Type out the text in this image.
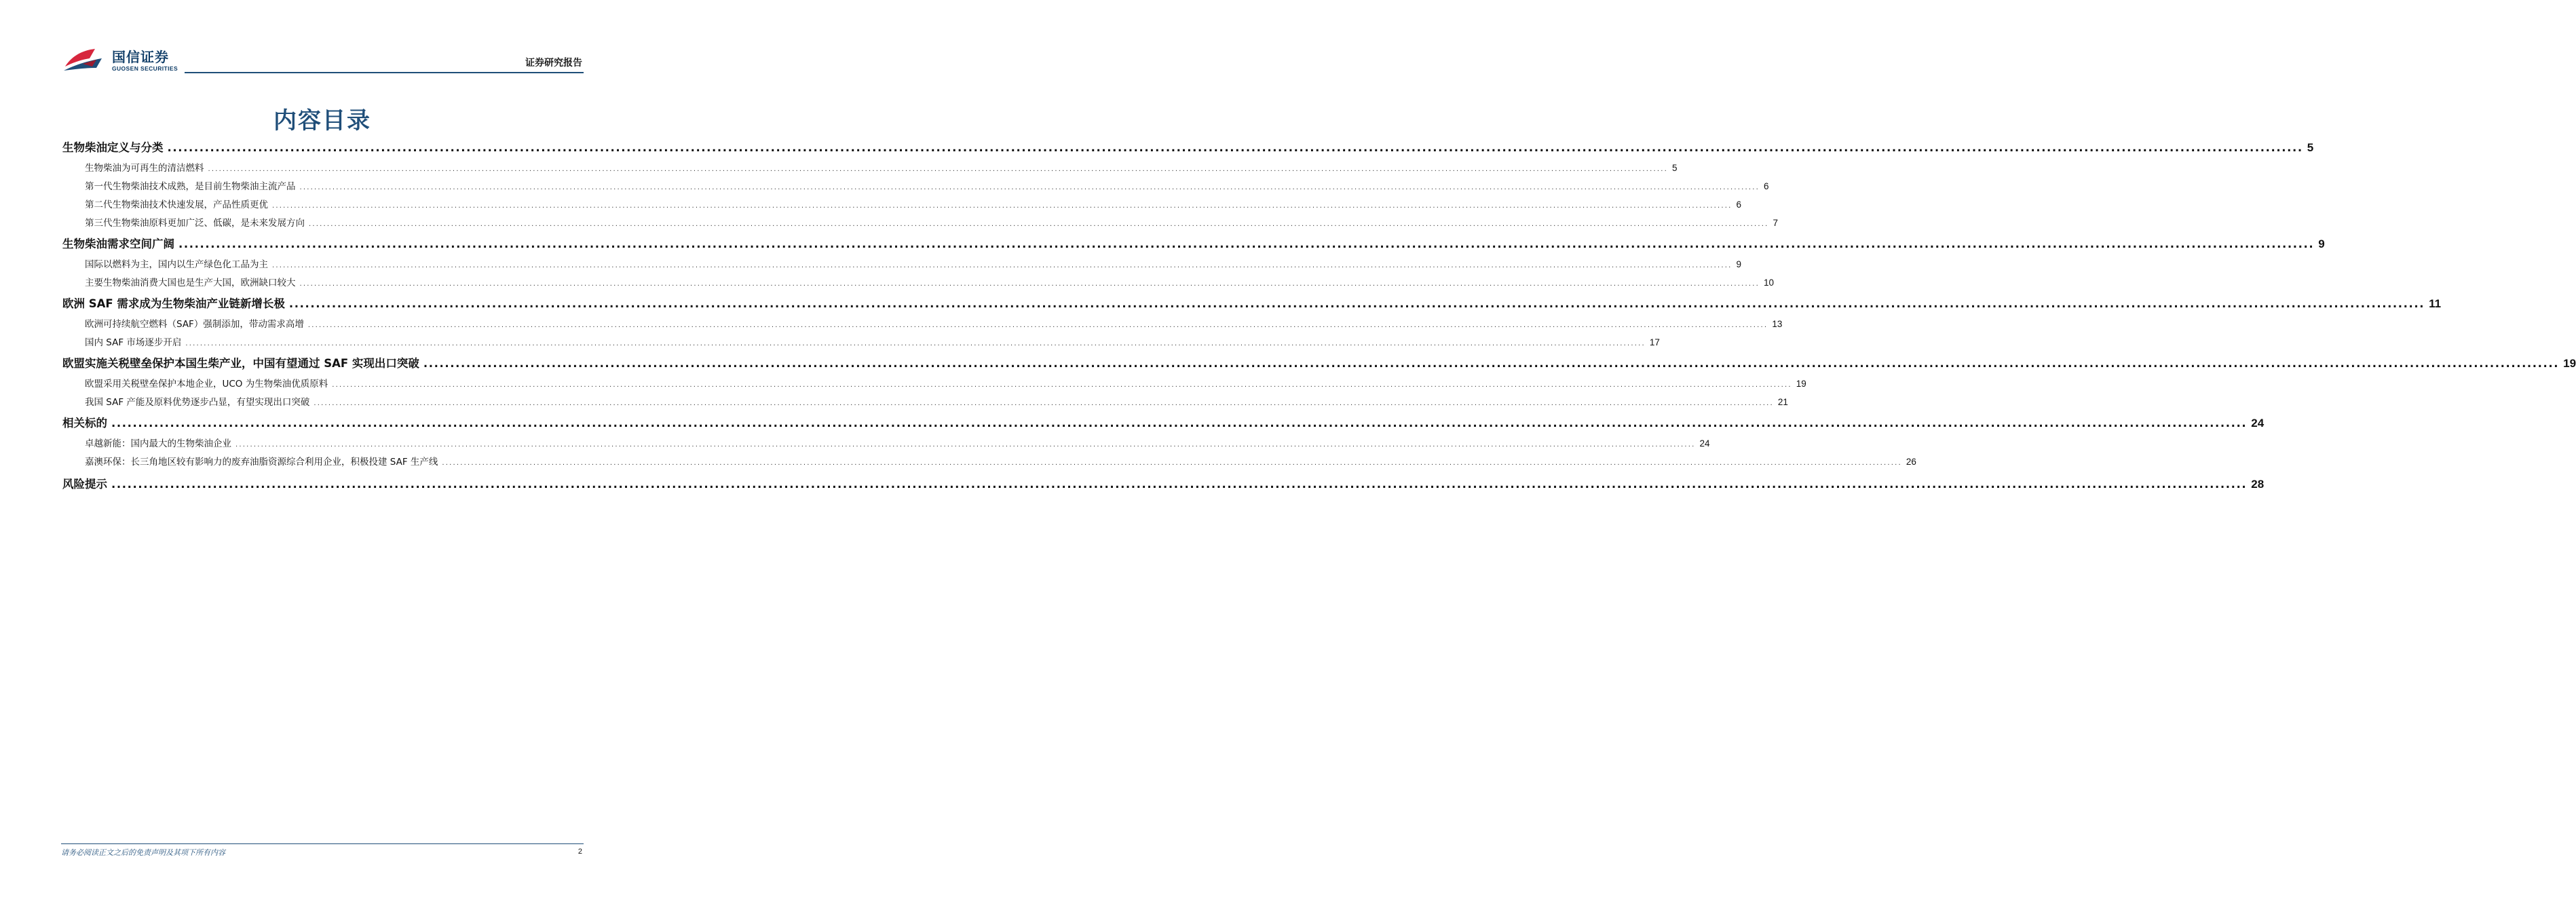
国信证券
GUOSEN SECURITIES	证券研究报告
内容目录
生物柴油定义与分类 ................................................................................................................................................................................................................................................................................................................................................................................................................ 5
生物柴油为可再生的清洁燃料 ................................................................................................................................................................................................................................................................................................................................................................................................................ 5
第一代生物柴油技术成熟，是目前生物柴油主流产品 ................................................................................................................................................................................................................................................................................................................................................................................................................ 6
第二代生物柴油技术快速发展，产品性质更优 ................................................................................................................................................................................................................................................................................................................................................................................................................ 6
第三代生物柴油原料更加广泛、低碳，是未来发展方向 ................................................................................................................................................................................................................................................................................................................................................................................................................ 7
生物柴油需求空间广阔 ................................................................................................................................................................................................................................................................................................................................................................................................................ 9
国际以燃料为主，国内以生产绿色化工品为主 ................................................................................................................................................................................................................................................................................................................................................................................................................ 9
主要生物柴油消费大国也是生产大国，欧洲缺口较大 ................................................................................................................................................................................................................................................................................................................................................................................................................ 10
欧洲 SAF 需求成为生物柴油产业链新增长极 ................................................................................................................................................................................................................................................................................................................................................................................................................ 11
欧洲可持续航空燃料（SAF）强制添加，带动需求高增 ................................................................................................................................................................................................................................................................................................................................................................................................................ 13
国内 SAF 市场逐步开启 ................................................................................................................................................................................................................................................................................................................................................................................................................ 17
欧盟实施关税壁垒保护本国生柴产业，中国有望通过 SAF 实现出口突破 ................................................................................................................................................................................................................................................................................................................................................................................................................ 19
欧盟采用关税壁垒保护本地企业，UCO 为生物柴油优质原料 ................................................................................................................................................................................................................................................................................................................................................................................................................ 19
我国 SAF 产能及原料优势逐步凸显，有望实现出口突破 ................................................................................................................................................................................................................................................................................................................................................................................................................ 21
相关标的 ................................................................................................................................................................................................................................................................................................................................................................................................................ 24
卓越新能：国内最大的生物柴油企业 ................................................................................................................................................................................................................................................................................................................................................................................................................ 24
嘉澳环保：长三角地区较有影响力的废弃油脂资源综合利用企业，积极投建 SAF 生产线 ................................................................................................................................................................................................................................................................................................................................................................................................................ 26
风险提示 ................................................................................................................................................................................................................................................................................................................................................................................................................ 28
请务必阅读正文之后的免责声明及其项下所有内容	2
